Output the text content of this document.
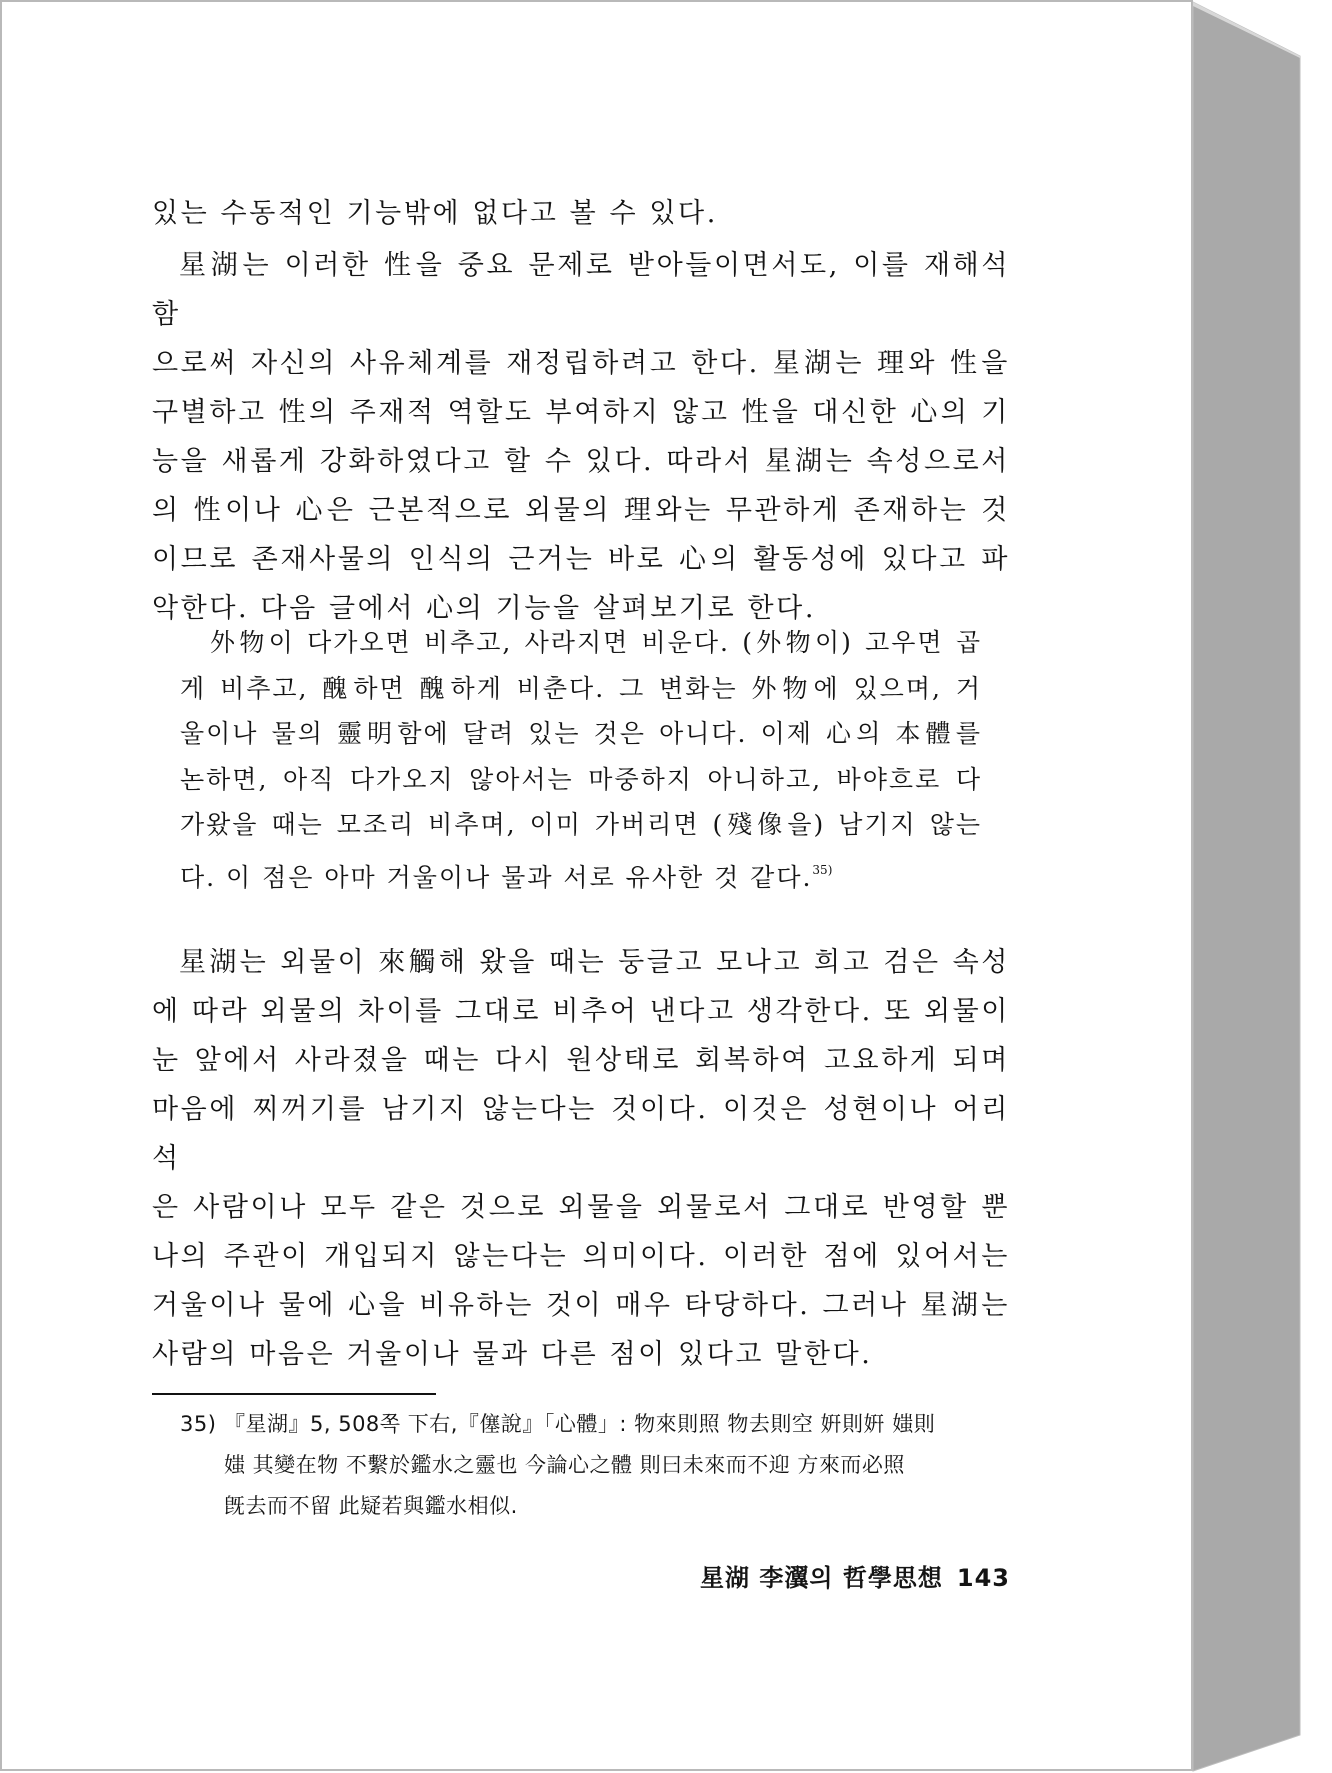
있는 수동적인 기능밖에 없다고 볼 수 있다.

星湖는 이러한 性을 중요 문제로 받아들이면서도, 이를 재해석함

으로써 자신의 사유체계를 재정립하려고 한다. 星湖는 理와 性을

구별하고 性의 주재적 역할도 부여하지 않고 性을 대신한 心의 기

능을 새롭게 강화하였다고 할 수 있다. 따라서 星湖는 속성으로서

의 性이나 心은 근본적으로 외물의 理와는 무관하게 존재하는 것

이므로 존재사물의 인식의 근거는 바로 心의 활동성에 있다고 파

악한다. 다음 글에서 心의 기능을 살펴보기로 한다.

外物이 다가오면 비추고, 사라지면 비운다. (外物이) 고우면 곱

게 비추고, 醜하면 醜하게 비춘다. 그 변화는 外物에 있으며, 거

울이나 물의 靈明함에 달려 있는 것은 아니다. 이제 心의 本體를

논하면, 아직 다가오지 않아서는 마중하지 아니하고, 바야흐로 다

가왔을 때는 모조리 비추며, 이미 가버리면 (殘像을) 남기지 않는

다. 이 점은 아마 거울이나 물과 서로 유사한 것 같다.$^{35)}$

星湖는 외물이 來觸해 왔을 때는 둥글고 모나고 희고 검은 속성

에 따라 외물의 차이를 그대로 비추어 낸다고 생각한다. 또 외물이

눈 앞에서 사라졌을 때는 다시 원상태로 회복하여 고요하게 되며

마음에 찌꺼기를 남기지 않는다는 것이다. 이것은 성현이나 어리석

은 사람이나 모두 같은 것으로 외물을 외물로서 그대로 반영할 뿐

나의 주관이 개입되지 않는다는 의미이다. 이러한 점에 있어서는

거울이나 물에 心을 비유하는 것이 매우 타당하다. 그러나 星湖는

사람의 마음은 거울이나 물과 다른 점이 있다고 말한다.

35) 『星湖』5, 508쪽 下右,『僿說』「心體」: 物來則照 物去則空 姸則姸 媸則
媸 其變在物 不繫於鑑水之靈也 今論心之體 則曰未來而不迎 方來而必照
旣去而不留 此疑若與鑑水相似.
星湖 李瀷의 哲學思想 143
